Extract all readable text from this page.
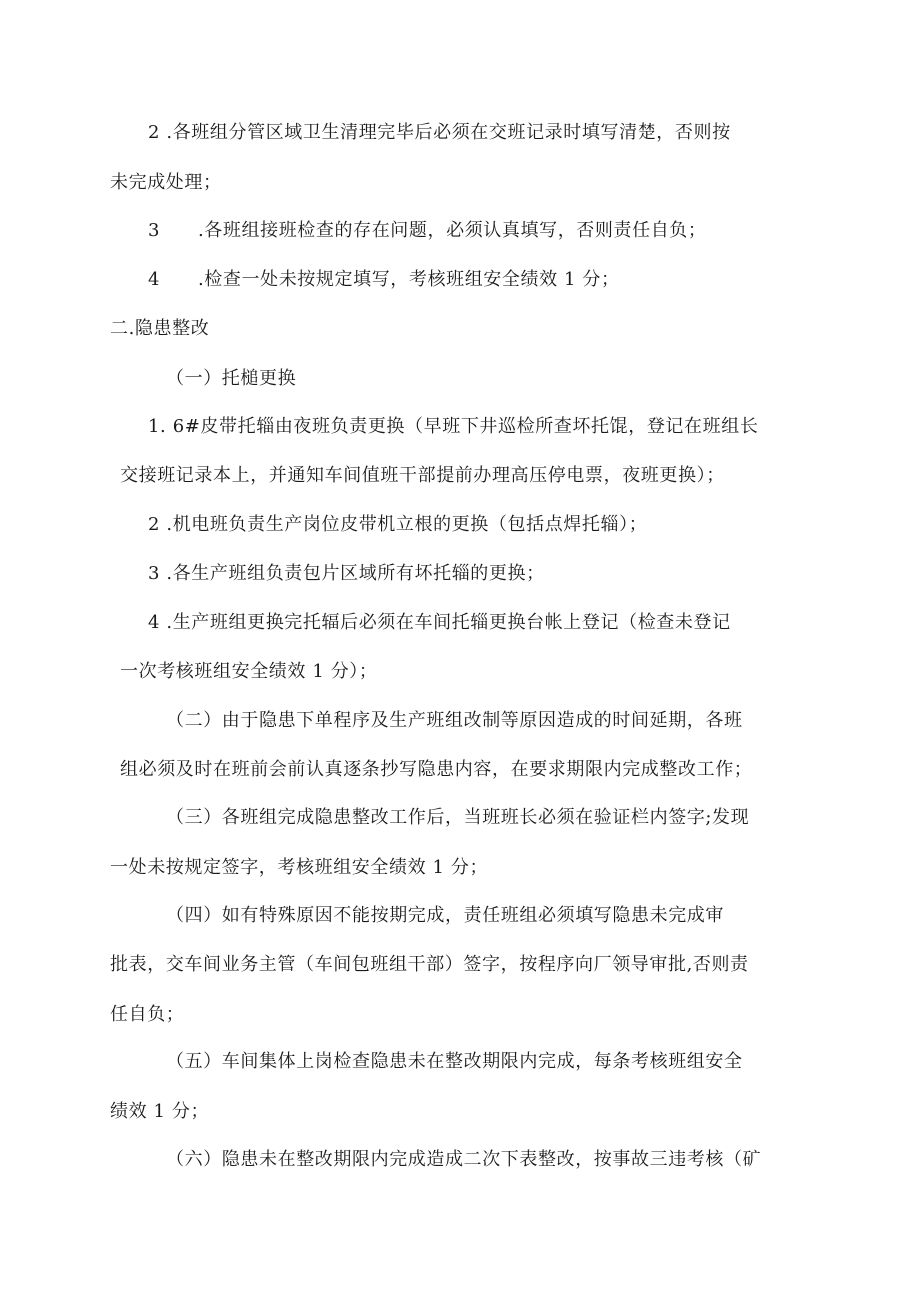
2 .各班组分管区域卫生清理完毕后必须在交班记录时填写清楚，否则按
未完成处理；
3      .各班组接班检查的存在问题，必须认真填写，否则责任自负；
4      .检查一处未按规定填写，考核班组安全绩效 1 分；
二.隐患整改
（一）托槌更换
1. 6#皮带托辎由夜班负责更换（早班下井巡检所查坏托馄，登记在班组长
交接班记录本上，并通知车间值班干部提前办理高压停电票，夜班更换）；
2 .机电班负责生产岗位皮带机立根的更换（包括点焊托辎）；
3 .各生产班组负责包片区域所有坏托辎的更换；
4 .生产班组更换完托辐后必须在车间托辎更换台帐上登记（检查未登记
一次考核班组安全绩效 1 分）；
（二）由于隐患下单程序及生产班组改制等原因造成的时间延期，各班
组必须及时在班前会前认真逐条抄写隐患内容，在要求期限内完成整改工作；
（三）各班组完成隐患整改工作后，当班班长必须在验证栏内签字;发现
一处未按规定签字，考核班组安全绩效 1 分；
（四）如有特殊原因不能按期完成，责任班组必须填写隐患未完成审
批表，交车间业务主管（车间包班组干部）签字，按程序向厂领导审批,否则责
任自负；
（五）车间集体上岗检查隐患未在整改期限内完成，每条考核班组安全
绩效 1 分；
（六）隐患未在整改期限内完成造成二次下表整改，按事故三违考核（矿
